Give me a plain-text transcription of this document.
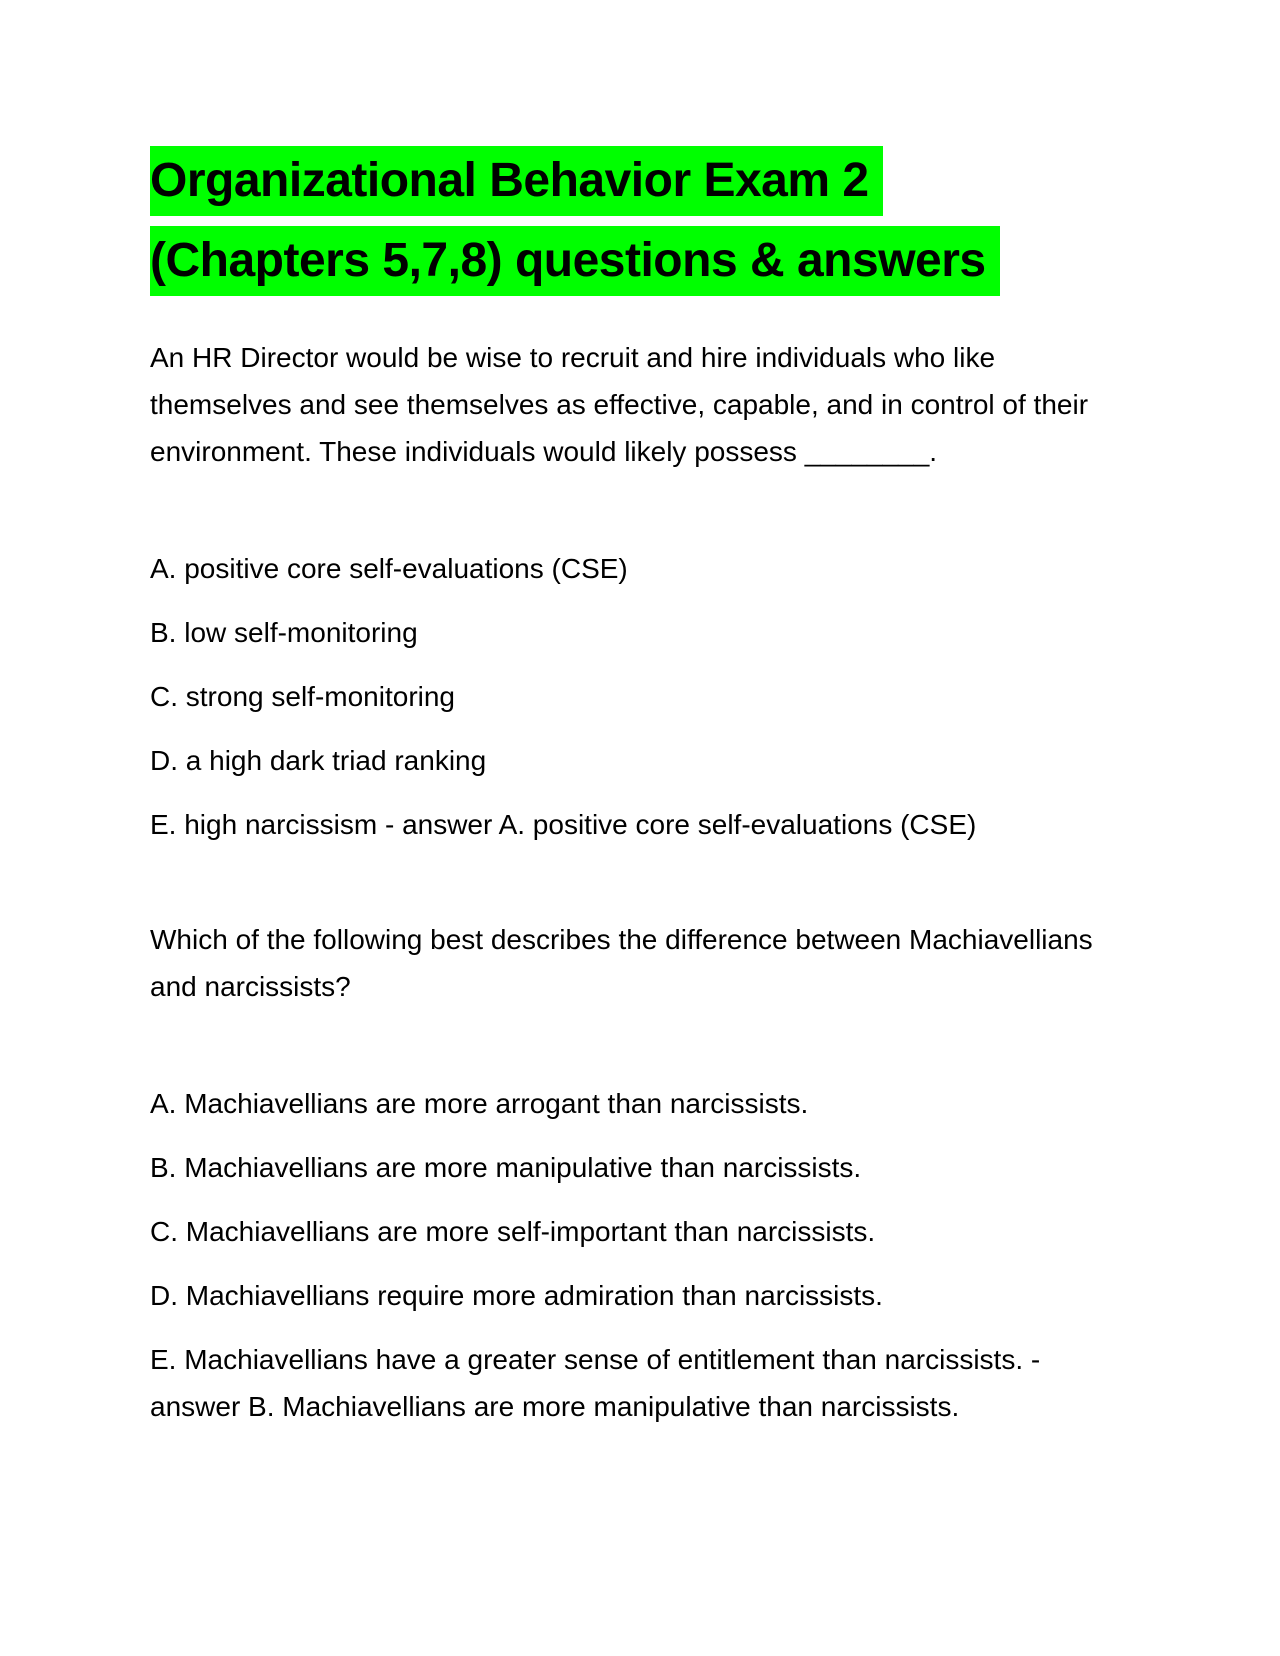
Organizational Behavior Exam 2
(Chapters 5,7,8) questions & answers

An HR Director would be wise to recruit and hire individuals who like themselves and see themselves as effective, capable, and in control of their environment. These individuals would likely possess ________.

A. positive core self-evaluations (CSE)

B. low self-monitoring

C. strong self-monitoring

D. a high dark triad ranking

E. high narcissism - answer A. positive core self-evaluations (CSE)

Which of the following best describes the difference between Machiavellians and narcissists?

A. Machiavellians are more arrogant than narcissists.

B. Machiavellians are more manipulative than narcissists.

C. Machiavellians are more self-important than narcissists.

D. Machiavellians require more admiration than narcissists.

E. Machiavellians have a greater sense of entitlement than narcissists. - answer B. Machiavellians are more manipulative than narcissists.
